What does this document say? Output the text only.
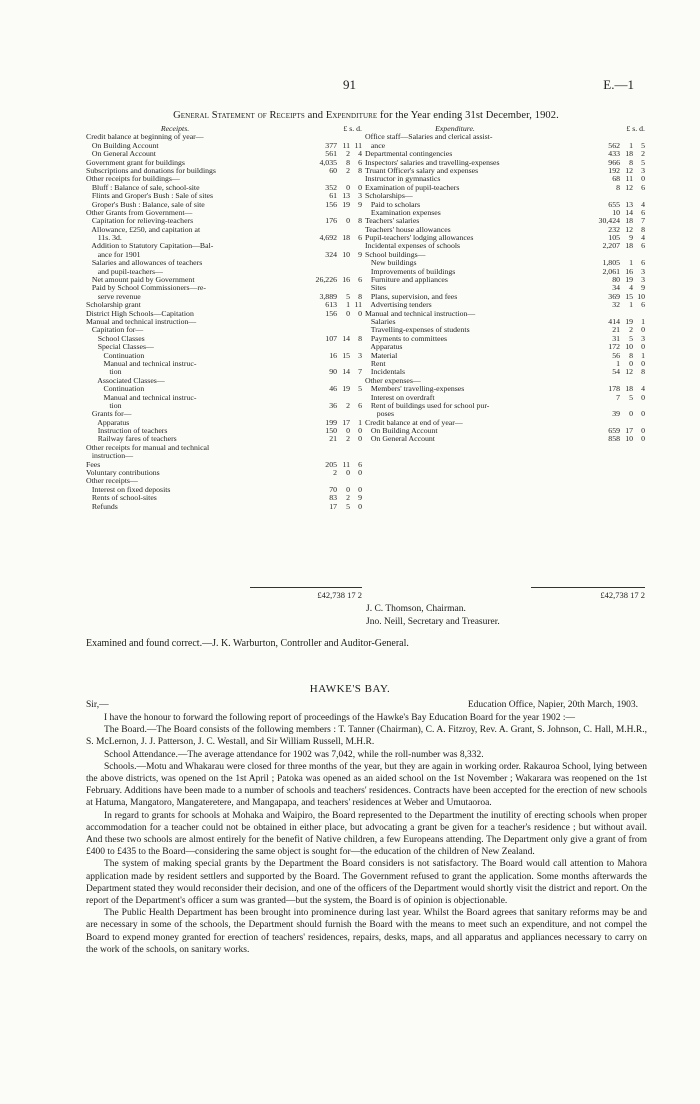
91	E.—1
General Statement of Receipts and Expenditure for the Year ending 31st December, 1902.
Receipts.	£ s. d.
Credit balance at beginning of year—
On Building Account	377 11 11
On General Account	561 2 4
Government grant for buildings	4,035 8 6
Subscriptions and donations for buildings	60 2 8
Other receipts for buildings—
Bluff : Balance of sale, school-site	352 0 0
Flints and Groper's Bush : Sale of sites	61 13 3
Groper's Bush : Balance, sale of site	156 19 9
Other Grants from Government—
Capitation for relieving-teachers	176 0 8
Allowance, £250, and capitation at
11s. 3d.	4,692 18 6
Addition to Statutory Capitation—Bal-
ance for 1901	324 10 9
Salaries and allowances of teachers
and pupil-teachers—
Net amount paid by Government	26,226 16 6
Paid by School Commissioners—re-
serve revenue	3,889 5 8
Scholarship grant	613 1 11
District High Schools—Capitation	156 0 0
Manual and technical instruction—
Capitation for—
School Classes	107 14 8
Special Classes—
Continuation	16 15 3
Manual and technical instruc-
tion	90 14 7
Associated Classes—
Continuation	46 19 5
Manual and technical instruc-
tion	36 2 6
Grants for—
Apparatus	199 17 1
Instruction of teachers	150 0 0
Railway fares of teachers	21 2 0
Other receipts for manual and technical
instruction—
Fees	205 11 6
Voluntary contributions	2 0 0
Other receipts—
Interest on fixed deposits	70 0 0
Rents of school-sites	83 2 9
Refunds	17 5 0
Expenditure.	£ s. d.
Office staff—Salaries and clerical assist-
ance	562 1 5
Departmental contingencies	433 18 2
Inspectors' salaries and travelling-expenses	966 8 5
Truant Officer's salary and expenses	192 12 3
Instructor in gymnastics	68 11 0
Examination of pupil-teachers	8 12 6
Scholarships—
Paid to scholars	655 13 4
Examination expenses	10 14 6
Teachers' salaries	30,424 18 7
Teachers' house allowances	232 12 8
Pupil-teachers' lodging allowances	105 9 4
Incidental expenses of schools	2,207 18 6
School buildings—
New buildings	1,805 1 6
Improvements of buildings	2,061 16 3
Furniture and appliances	80 19 3
Sites	34 4 9
Plans, supervision, and fees	369 15 10
Advertising tenders	32 1 6
Manual and technical instruction—
Salaries	414 19 1
Travelling-expenses of students	21 2 0
Payments to committees	31 5 3
Apparatus	172 10 0
Material	56 8 1
Rent	1 0 0
Incidentals	54 12 8
Other expenses—
Members' travelling-expenses	178 18 4
Interest on overdraft	7 5 0
Rent of buildings used for school pur-
poses	39 0 0
Credit balance at end of year—
On Building Account	659 17 0
On General Account	858 10 0
£42,738 17 2	£42,738 17 2
J. C. Thomson, Chairman.
Jno. Neill, Secretary and Treasurer.
Examined and found correct.—J. K. Warburton, Controller and Auditor-General.
HAWKE'S BAY.
Sir,—	Education Office, Napier, 20th March, 1903.

I have the honour to forward the following report of proceedings of the Hawke's Bay Education Board for the year 1902 :—

The Board.—The Board consists of the following members : T. Tanner (Chairman), C. A. Fitzroy, Rev. A. Grant, S. Johnson, C. Hall, M.H.R., S. McLernon, J. J. Patterson, J. C. Westall, and Sir William Russell, M.H.R.

School Attendance.—The average attendance for 1902 was 7,042, while the roll-number was 8,332.

Schools.—Motu and Whakarau were closed for three months of the year, but they are again in working order. Rakauroa School, lying between the above districts, was opened on the 1st April ; Patoka was opened as an aided school on the 1st November ; Wakarara was reopened on the 1st February. Additions have been made to a number of schools and teachers' residences. Contracts have been accepted for the erection of new schools at Hatuma, Mangatoro, Mangateretere, and Mangapapa, and teachers' residences at Weber and Umutaoroa.

In regard to grants for schools at Mohaka and Waipiro, the Board represented to the Department the inutility of erecting schools when proper accommodation for a teacher could not be obtained in either place, but advocating a grant be given for a teacher's residence ; but without avail. And these two schools are almost entirely for the benefit of Native children, a few Europeans attending. The Department only give a grant of from £400 to £435 to the Board—considering the same object is sought for—the education of the children of New Zealand.

The system of making special grants by the Department the Board considers is not satisfactory. The Board would call attention to Mahora application made by resident settlers and supported by the Board. The Government refused to grant the application. Some months afterwards the Department stated they would reconsider their decision, and one of the officers of the Department would shortly visit the district and report. On the report of the Department's officer a sum was granted—but the system, the Board is of opinion is objectionable.

The Public Health Department has been brought into prominence during last year. Whilst the Board agrees that sanitary reforms may be and are necessary in some of the schools, the Department should furnish the Board with the means to meet such an expenditure, and not compel the Board to expend money granted for erection of teachers' residences, repairs, desks, maps, and all apparatus and appliances necessary to carry on the work of the schools, on sanitary works.
